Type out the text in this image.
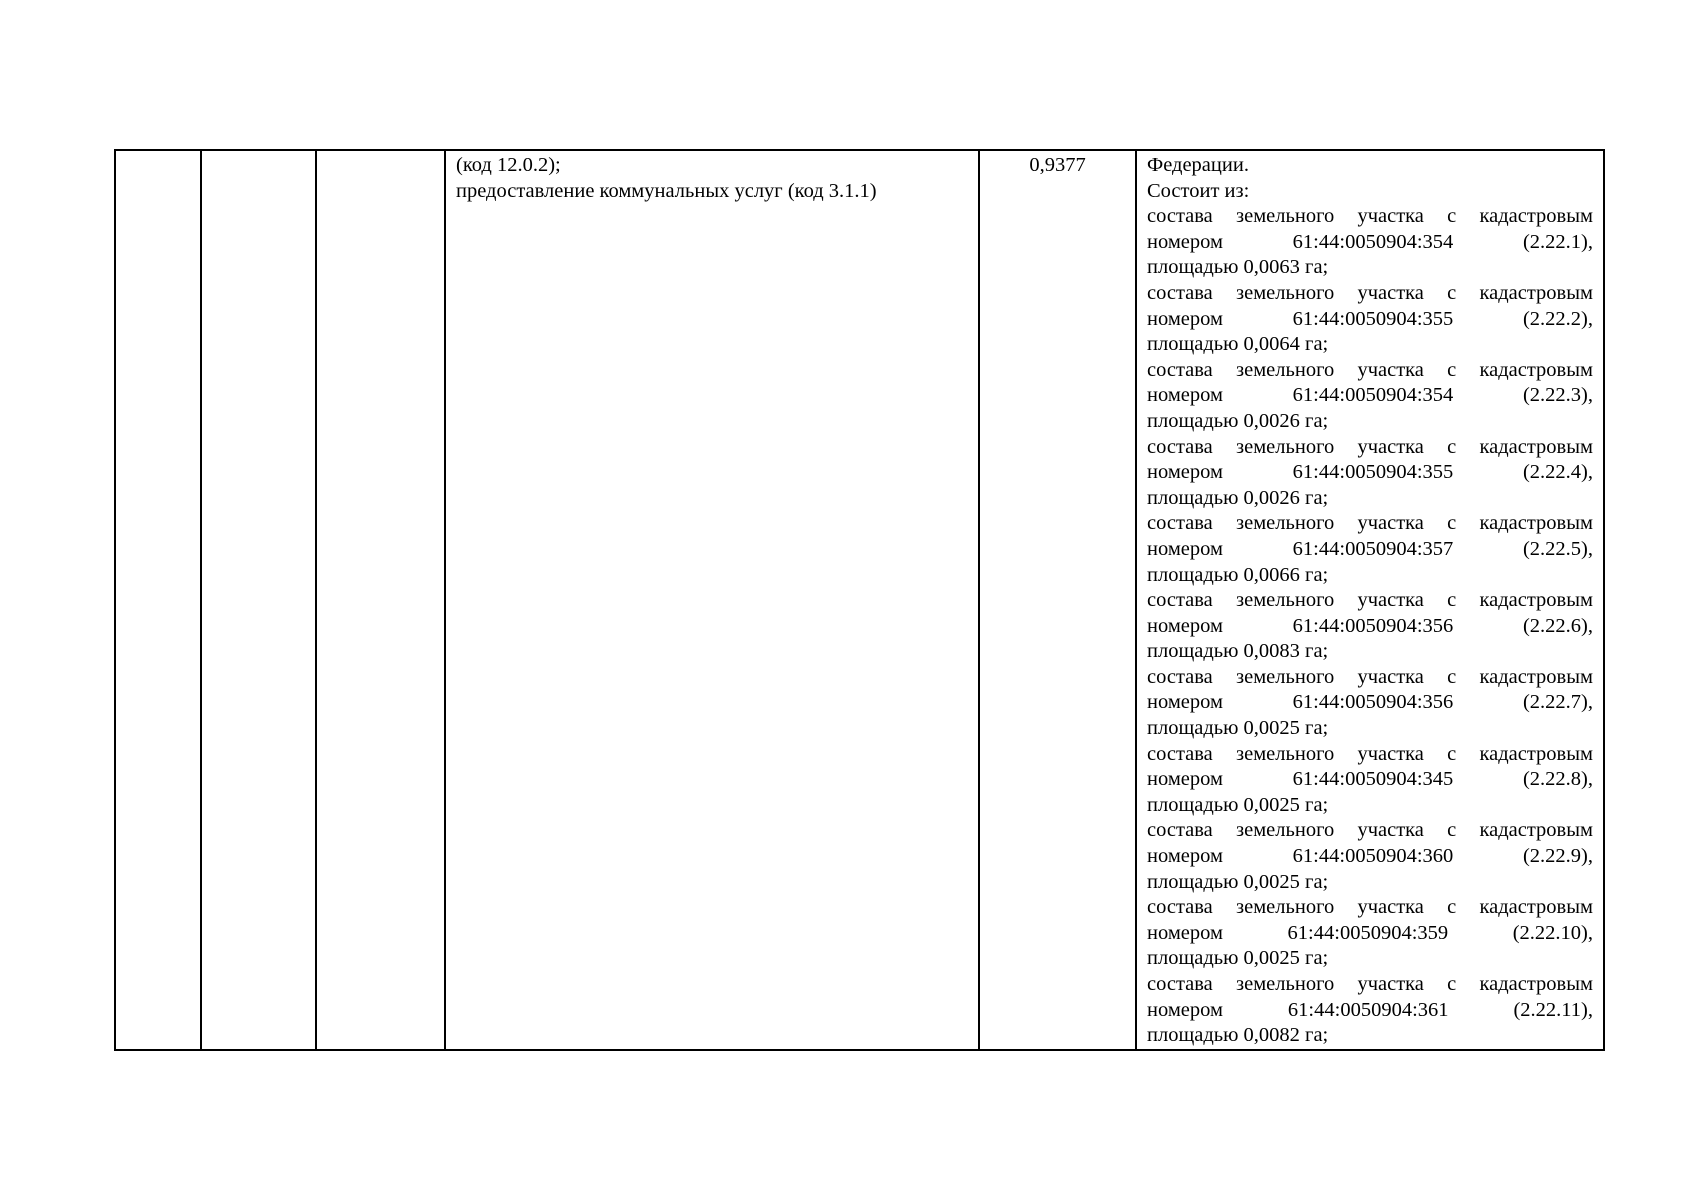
(код 12.0.2);
предоставление коммунальных услуг (код 3.1.1)
	0,9377	Федерации.
Состоит из:
состава земельного участка с кадастровым
номером	61:44:0050904:354	(2.22.1),
площадью 0,0063 га;
состава земельного участка с кадастровым
номером	61:44:0050904:355	(2.22.2),
площадью 0,0064 га;
состава земельного участка с кадастровым
номером	61:44:0050904:354	(2.22.3),
площадью 0,0026 га;
состава земельного участка с кадастровым
номером	61:44:0050904:355	(2.22.4),
площадью 0,0026 га;
состава земельного участка с кадастровым
номером	61:44:0050904:357	(2.22.5),
площадью 0,0066 га;
состава земельного участка с кадастровым
номером	61:44:0050904:356	(2.22.6),
площадью 0,0083 га;
состава земельного участка с кадастровым
номером	61:44:0050904:356	(2.22.7),
площадью 0,0025 га;
состава земельного участка с кадастровым
номером	61:44:0050904:345	(2.22.8),
площадью 0,0025 га;
состава земельного участка с кадастровым
номером	61:44:0050904:360	(2.22.9),
площадью 0,0025 га;
состава земельного участка с кадастровым
номером	61:44:0050904:359	(2.22.10),
площадью 0,0025 га;
состава земельного участка с кадастровым
номером	61:44:0050904:361	(2.22.11),
площадью 0,0082 га;
